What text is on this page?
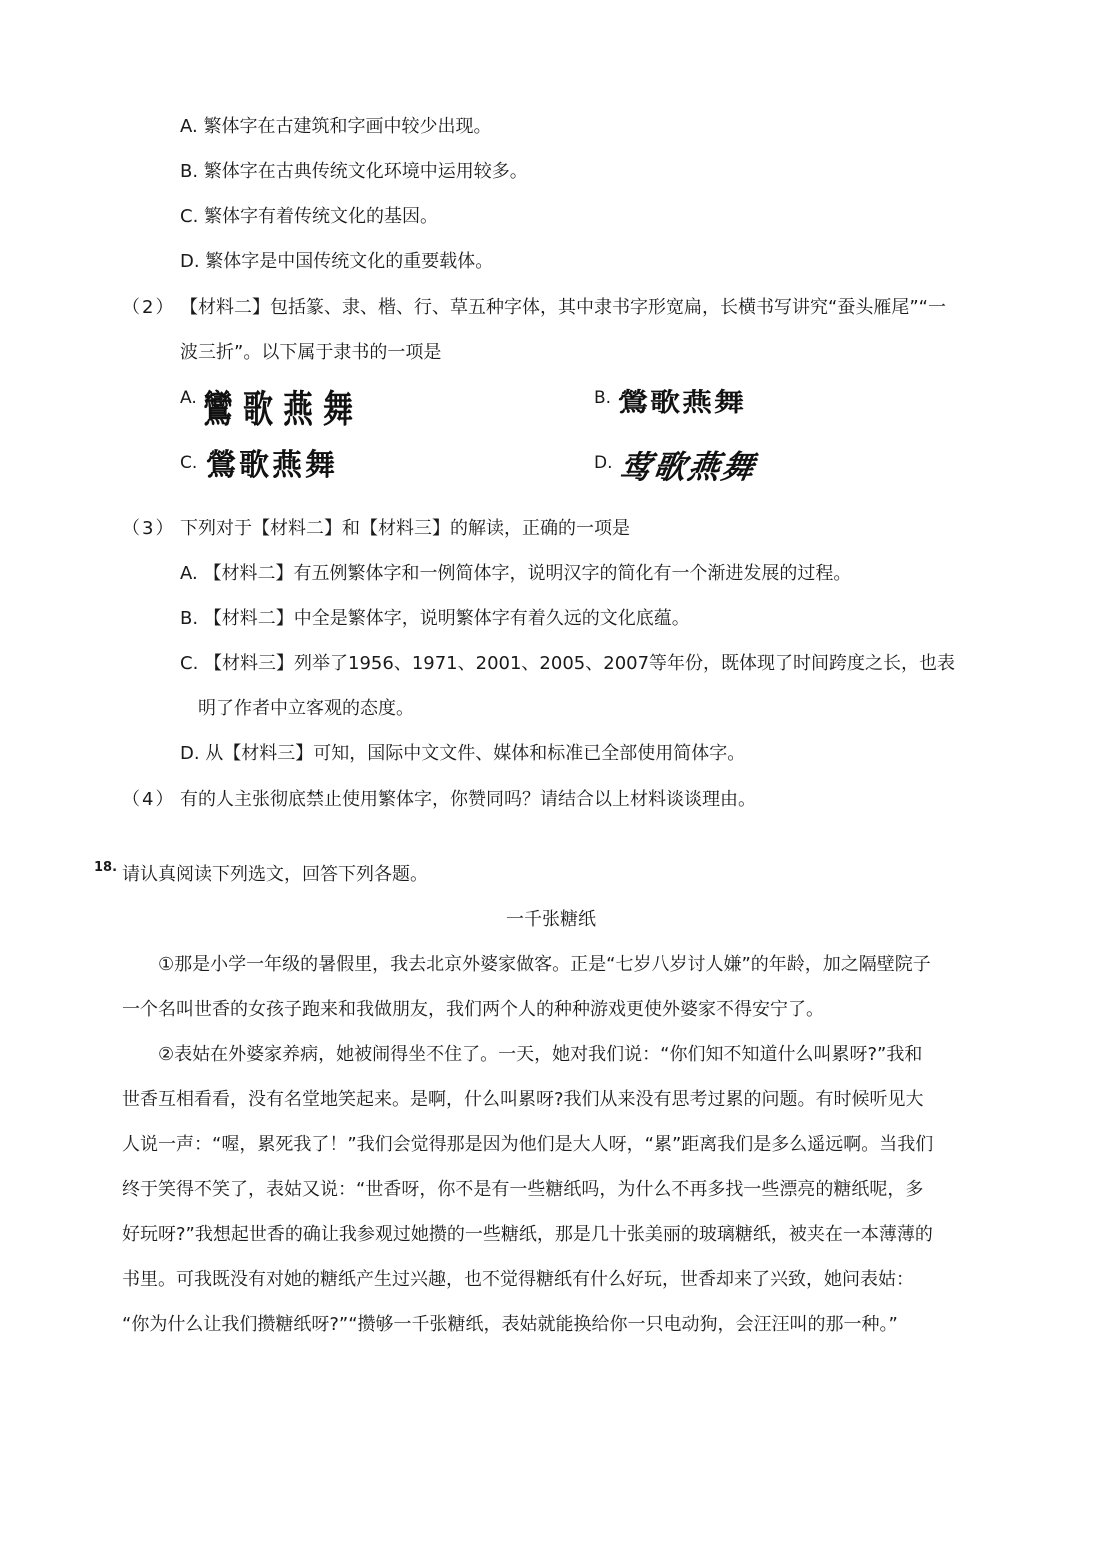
A. 繁体字在古建筑和字画中较少出现。
B. 繁体字在古典传统文化环境中运用较多。
C. 繁体字有着传统文化的基因。
D. 繁体字是中国传统文化的重要载体。
（2） 【材料二】包括篆、隶、楷、行、草五种字体，其中隶书字形宽扁，长横书写讲究“蚕头雁尾”“一
波三折”。以下属于隶书的一项是
A. 鸞歌燕舞	B. 鶯歌燕舞
C. 鶯歌燕舞	D. 莺歌燕舞
（3） 下列对于【材料二】和【材料三】的解读，正确的一项是
A. 【材料二】有五例繁体字和一例简体字，说明汉字的简化有一个渐进发展的过程。
B. 【材料二】中全是繁体字，说明繁体字有着久远的文化底蕴。
C. 【材料三】列举了1956、1971、2001、2005、2007等年份，既体现了时间跨度之长，也表
明了作者中立客观的态度。
D. 从【材料三】可知，国际中文文件、媒体和标准已全部使用简体字。
（4） 有的人主张彻底禁止使用繁体字，你赞同吗？请结合以上材料谈谈理由。
18. 请认真阅读下列选文，回答下列各题。
一千张糖纸
①那是小学一年级的暑假里，我去北京外婆家做客。正是“七岁八岁讨人嫌”的年龄，加之隔壁院子
一个名叫世香的女孩子跑来和我做朋友，我们两个人的种种游戏更使外婆家不得安宁了。
②表姑在外婆家养病，她被闹得坐不住了。一天，她对我们说：“你们知不知道什么叫累呀?”我和
世香互相看看，没有名堂地笑起来。是啊，什么叫累呀?我们从来没有思考过累的问题。有时候听见大
人说一声：“喔，累死我了！”我们会觉得那是因为他们是大人呀，“累”距离我们是多么遥远啊。当我们
终于笑得不笑了，表姑又说：“世香呀，你不是有一些糖纸吗，为什么不再多找一些漂亮的糖纸呢，多
好玩呀?”我想起世香的确让我参观过她攒的一些糖纸，那是几十张美丽的玻璃糖纸，被夹在一本薄薄的
书里。可我既没有对她的糖纸产生过兴趣，也不觉得糖纸有什么好玩，世香却来了兴致，她问表姑：
“你为什么让我们攒糖纸呀?”“攒够一千张糖纸，表姑就能换给你一只电动狗，会汪汪叫的那一种。”
